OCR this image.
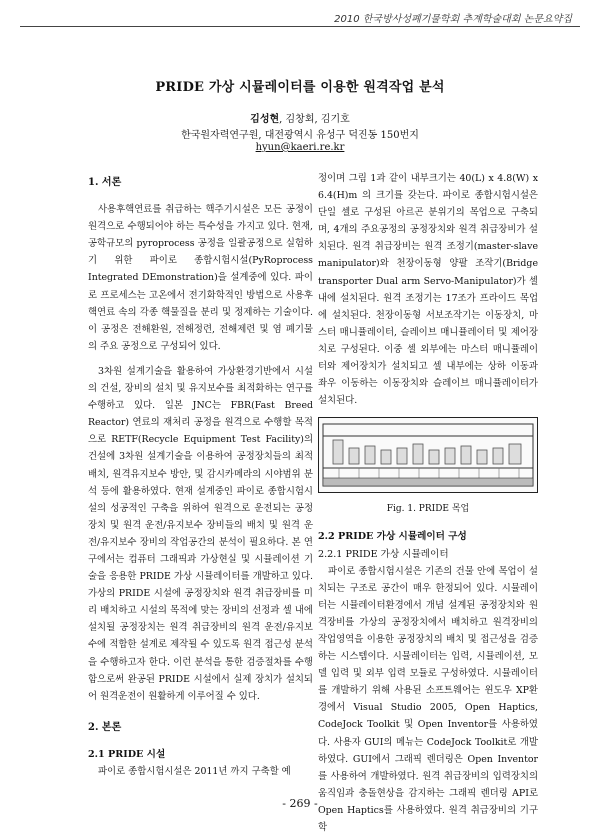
2010 한국방사성폐기물학회 추계학술대회 논문요약집
PRIDE 가상 시뮬레이터를 이용한 원격작업 분석
김성현, 김창회, 김기호
한국원자력연구원, 대전광역시 유성구 덕진동 150번지
hyun@kaeri.re.kr
1. 서론

사용후핵연료를 취급하는 핵주기시설은 모든 공정이 원격으로 수행되어야 하는 특수성을 가지고 있다. 현재, 공학규모의 pyroprocess 공정을 일괄공정으로 실험하기 위한 파이로 종합시험시설(PyRoprocess Integrated DEmonstration)을 설계중에 있다. 파이로 프로세스는 고온에서 전기화학적인 방법으로 사용후핵연료 속의 각종 핵물질을 분리 및 정제하는 기술이다. 이 공정은 전해환원, 전해정련, 전해제련 및 염 폐기물의 주요 공정으로 구성되어 있다.

3차원 설계기술을 활용하여 가상환경기반에서 시설의 건설, 장비의 설치 및 유지보수를 최적화하는 연구를 수행하고 있다. 일본 JNC는 FBR(Fast Breed Reactor) 연료의 재처리 공정을 원격으로 수행할 목적으로 RETF(Recycle Equipment Test Facility)의 건설에 3차원 설계기술을 이용하여 공정장치들의 최적배치, 원격유지보수 방안, 및 감시카메라의 시야범위 분석 등에 활용하였다. 현재 설계중인 파이로 종합시험시설의 성공적인 구축을 위하여 원격으로 운전되는 공정장치 및 원격 운전/유지보수 장비들의 배치 및 원격 운전/유지보수 장비의 작업공간의 분석이 필요하다. 본 연구에서는 컴퓨터 그래픽과 가상현실 및 시뮬레이션 기술을 응용한 PRIDE 가상 시뮬레이터를 개발하고 있다. 가상의 PRIDE 시설에 공정장치와 원격 취급장비를 미리 배치하고 시설의 목적에 맞는 장비의 선정과 셀 내에 설치될 공정장치는 원격 취급장비의 원격 운전/유지보수에 적합한 설계로 제작될 수 있도록 원격 접근성 분석을 수행하고자 한다. 이런 분석을 통한 검증절차를 수행함으로써 완공된 PRIDE 시설에서 실제 장치가 설치되어 원격운전이 원활하게 이루어질 수 있다.

2. 본론
2.1 PRIDE 시설

파이로 종합시험시설은 2011년 까지 구축할 예

정이며 그림 1과 같이 내부크기는 40(L) x 4.8(W) x 6.4(H)m 의 크기를 갖는다. 파이로 종합시험시설은 단일 셀로 구성된 아르곤 분위기의 목업으로 구축되며, 4개의 주요공정의 공정장치와 원격 취급장비가 설치된다. 원격 취급장비는 원격 조정기(master-slave manipulator)와 천장이동형 양팔 조작기(Bridge transporter Dual arm Servo-Manipulator)가 셀 내에 설치된다. 원격 조정기는 17조가 프라이드 목업에 설치된다. 천장이동형 서보조작기는 이동장치, 마스터 매니퓰레이터, 슬레이브 매니퓰레이터 및 제어장치로 구성된다. 이중 셀 외부에는 마스터 매니퓰레이터와 제어장치가 설치되고 셀 내부에는 상하 이동과 좌우 이동하는 이동장치와 슬레이브 매니퓰레이터가 설치된다.

Fig. 1. PRIDE 목업
2.2 PRIDE 가상 시뮬레이터 구성
2.2.1 PRIDE 가상 시뮬레이터

파이로 종합시험시설은 기존의 건물 안에 목업이 설치되는 구조로 공간이 매우 한정되어 있다. 시뮬레이터는 시뮬레이터환경에서 개념 설계된 공정장치와 원격장비를 가상의 공정장치에서 배치하고 원격장비의 작업영역을 이용한 공정장치의 배치 및 접근성을 검증하는 시스템이다. 시뮬레이터는 입력, 시뮬레이션, 모델 입력 및 외부 입력 모듈로 구성하였다. 시뮬레이터를 개발하기 위해 사용된 소프트웨어는 윈도우 XP환경에서 Visual Studio 2005, Open Haptics, CodeJock Toolkit 및 Open Inventor를 사용하였다. 사용자 GUI의 메뉴는 CodeJock Toolkit로 개발하였다. GUI에서 그래픽 렌더링은 Open Inventor를 사용하여 개발하였다. 원격 취급장비의 입력장치의 움직임과 충돌현상을 감지하는 그래픽 렌더링 API로 Open Haptics를 사용하였다. 원격 취급장비의 기구학

- 269 -
